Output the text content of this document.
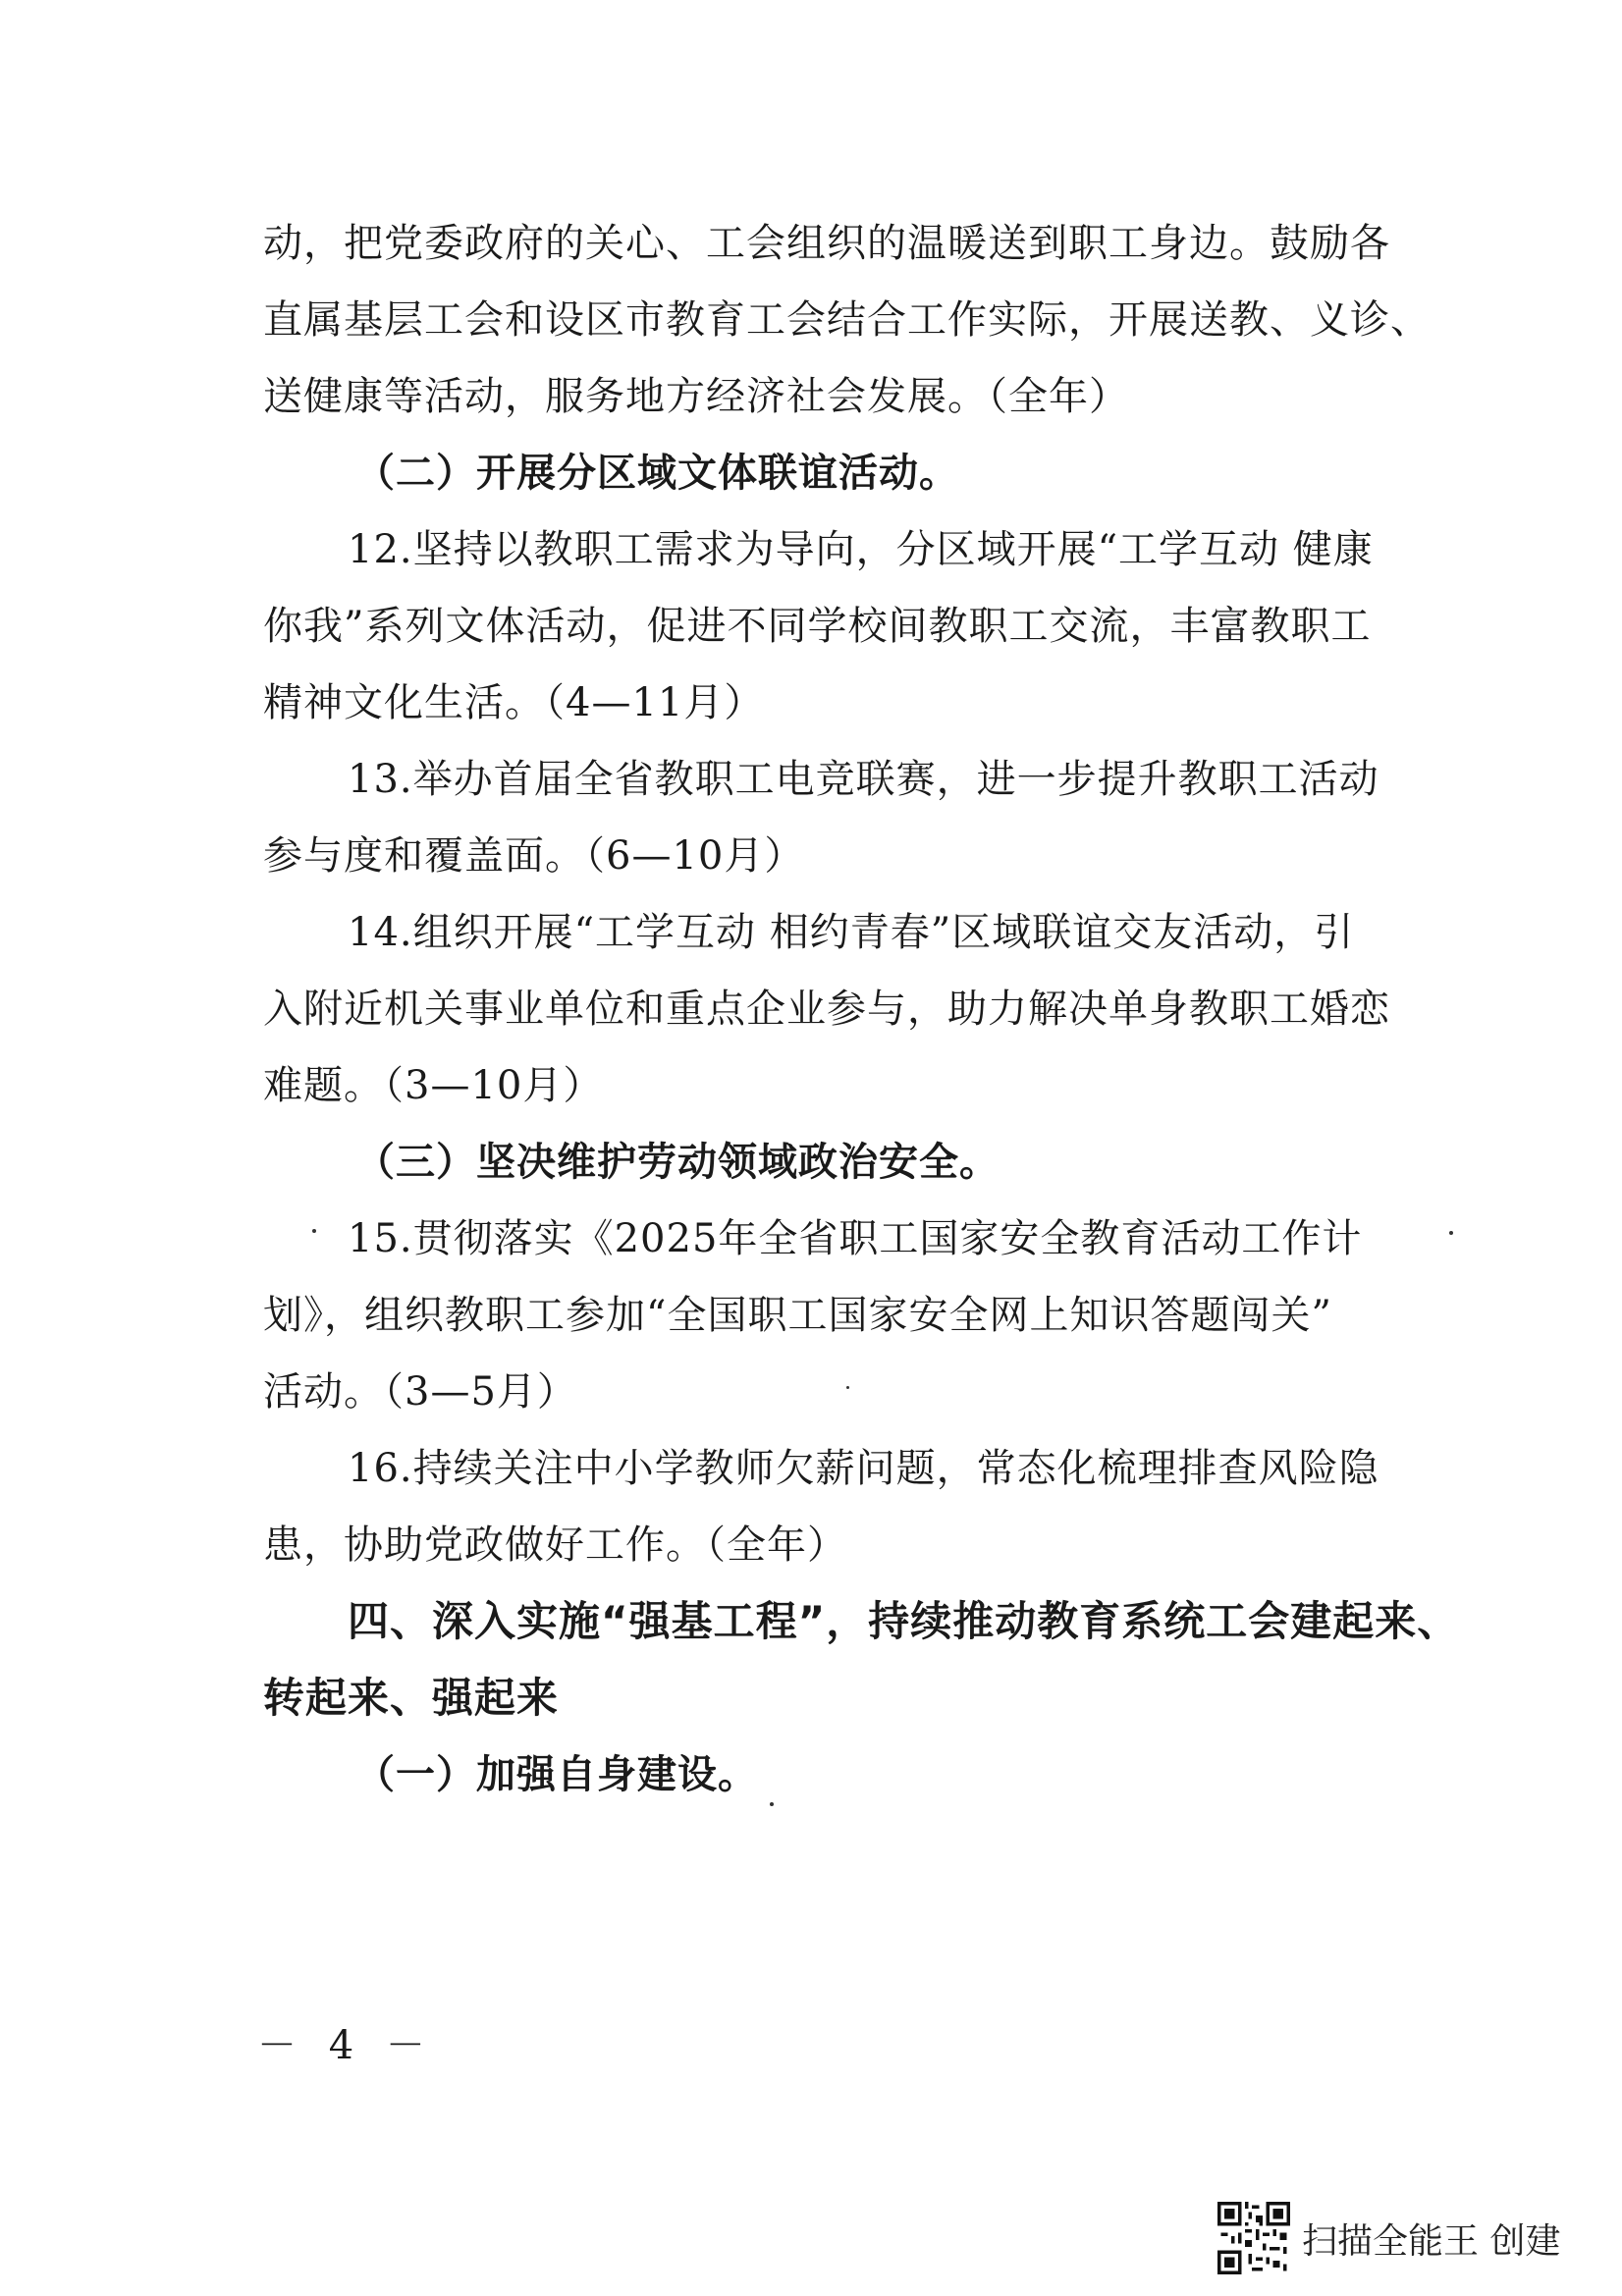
动，把党委政府的关心、工会组织的温暖送到职工身边。鼓励各
直属基层工会和设区市教育工会结合工作实际，开展送教、义诊、
送健康等活动，服务地方经济社会发展。（全年）
（二）开展分区域文体联谊活动。
12.坚持以教职工需求为导向，分区域开展“工学互动 健康
你我”系列文体活动，促进不同学校间教职工交流，丰富教职工
精神文化生活。（4—11月）
13.举办首届全省教职工电竞联赛，进一步提升教职工活动
参与度和覆盖面。（6—10月）
14.组织开展“工学互动 相约青春”区域联谊交友活动，引
入附近机关事业单位和重点企业参与，助力解决单身教职工婚恋
难题。（3—10月）
（三）坚决维护劳动领域政治安全。
15.贯彻落实《2025年全省职工国家安全教育活动工作计
划》，组织教职工参加“全国职工国家安全网上知识答题闯关”
活动。（3—5月）
16.持续关注中小学教师欠薪问题，常态化梳理排查风险隐
患，协助党政做好工作。（全年）
四、深入实施“强基工程”，持续推动教育系统工会建起来、
转起来、强起来
（一）加强自身建设。
－ 4 －
扫描全能王 创建
